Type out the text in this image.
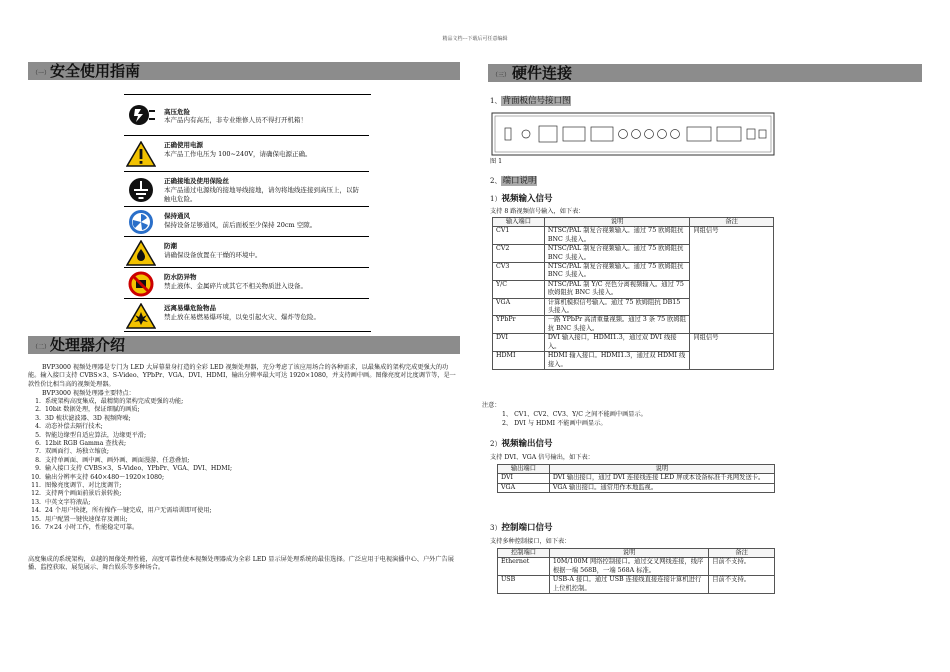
精品文档---下载后可任意编辑
（一） 安全使用指南
高压危险
本产品内有高压，非专业维修人员不得打开机箱！
正确使用电源
本产品工作电压为 100~240V，请确保电源正确。
正确接地及使用保险丝
本产品通过电源线的接地导线接地，请勿将地线连接到高压上，以防触电危险。
保持通风
保持设备足够通风，前后面板至少保持 20cm 空隙。
防潮
请确保设备放置在干燥的环境中。
防水防异物
禁止液体、金属碎片或其它不相关物质进入设备。
远离易爆危险物品
禁止放在易燃易爆环境，以免引起火灾、爆炸等危险。
（二） 处理器介绍
BVP3000 视频处理器是专门为 LED 大屏幕量身打造的全彩 LED 视频处理器，充分考虑了该应用场合的各种需求，以最集成的架构完成更强大的功能。输入接口支持 CVBS×3、S-Video、YPbPr、VGA、DVI、HDMI，输出分辨率最大可达 1920×1080，并支持画中画。图像亮度对比度调节等，是一款性价比相当高的视频处理器。
BVP3000 视频处理器主要特点：
1. 系统架构高度集成，最精简的架构完成更强的功能;
2. 10bit 数据处理，保证细腻的画质;
3. 3D 梳状滤波器、3D 视频降噪;
4. 动态补偿去隔行技术;
5. 智能边缘型自适应算法，边缘更平滑;
6. 12bit RGB Gamma 查找表;
7. 双画面行、场独立缩放;
8. 支持单画面、画中画、画外画、画面漫游、任意叠加;
9. 输入接口支持 CVBS×3、S-Video、YPbPr、VGA、DVI、HDMI;
10. 输出分辨率支持 640×480～1920×1080;
11. 图像亮度调节、对比度调节;
12. 支持两个画面前景后景转换;
13. 中英文字符液晶;
14. 24 个用户快捷，所有操作一键完成，用户无需培训即可使用;
15. 用户配置一键快速保存及调出;
16. 7×24 小时工作，性能稳定可靠。
高度集成的系统架构，卓越的图像处理性能，高度可靠性使本视频处理器成为全彩 LED 显示屏处理系统的最佳选择。广泛应用于电视演播中心、户外广告展播、监控获取、展览展示、舞台娱乐等多种场合。
（三） 硬件连接
1、背面板信号接口图
图 1
2、端口说明
1）视频输入信号
支持 8 路视频信号输入，如下表：
输入端口	说明	备注
CV1	NTSC/PAL 制复合视频输入。通过 75 欧姆阻抗 BNC 头接入。	同组信号
CV2	NTSC/PAL 制复合视频输入。通过 75 欧姆阻抗 BNC 头接入。	
CV3	NTSC/PAL 制复合视频输入。通过 75 欧姆阻抗 BNC 头接入。	
Y/C	NTSC/PAL 制 Y/C 亮色分离视频输入。通过 75 欧姆阻抗 BNC 头接入。	
VGA	计算机模拟信号输入。通过 75 欧姆阻抗 DB15 头接入。	
YPbPr	一路 YPbPr 高清重量视频。通过 3 条 75 欧姆阻抗 BNC 头接入。	
DVI	DVI 输入接口，HDMI1.3，通过双 DVI 线接入。	同组信号
HDMI	HDMI 输入接口。HDMI1.3，通过双 HDMI 线接入。	
注意：
1、 CV1、CV2、CV3、Y/C 之间不能画中画显示。
2、 DVI 与 HDMI 不能画中画显示。
2）视频输出信号
支持 DVI、VGA 信号输出，如下表：
输出端口	说明
DVI	DVI 输出接口，通过 DVI 连接线连接 LED 屏或本设备标准千兆网发送卡。
VGA	VGA 输出接口。通常用作本地监视。
3）控制端口信号
支持多种控制接口，如下表：
控制端口	说明	备注
Ethernet	10M/100M 网络控制接口。通过交叉网线连接，线序根据一端 568B，一端 568A 标准。	目前不支持。
USB	USB-A 接口。通过 USB 连接线直接连接计算机进行上位机控制。	目前不支持。
